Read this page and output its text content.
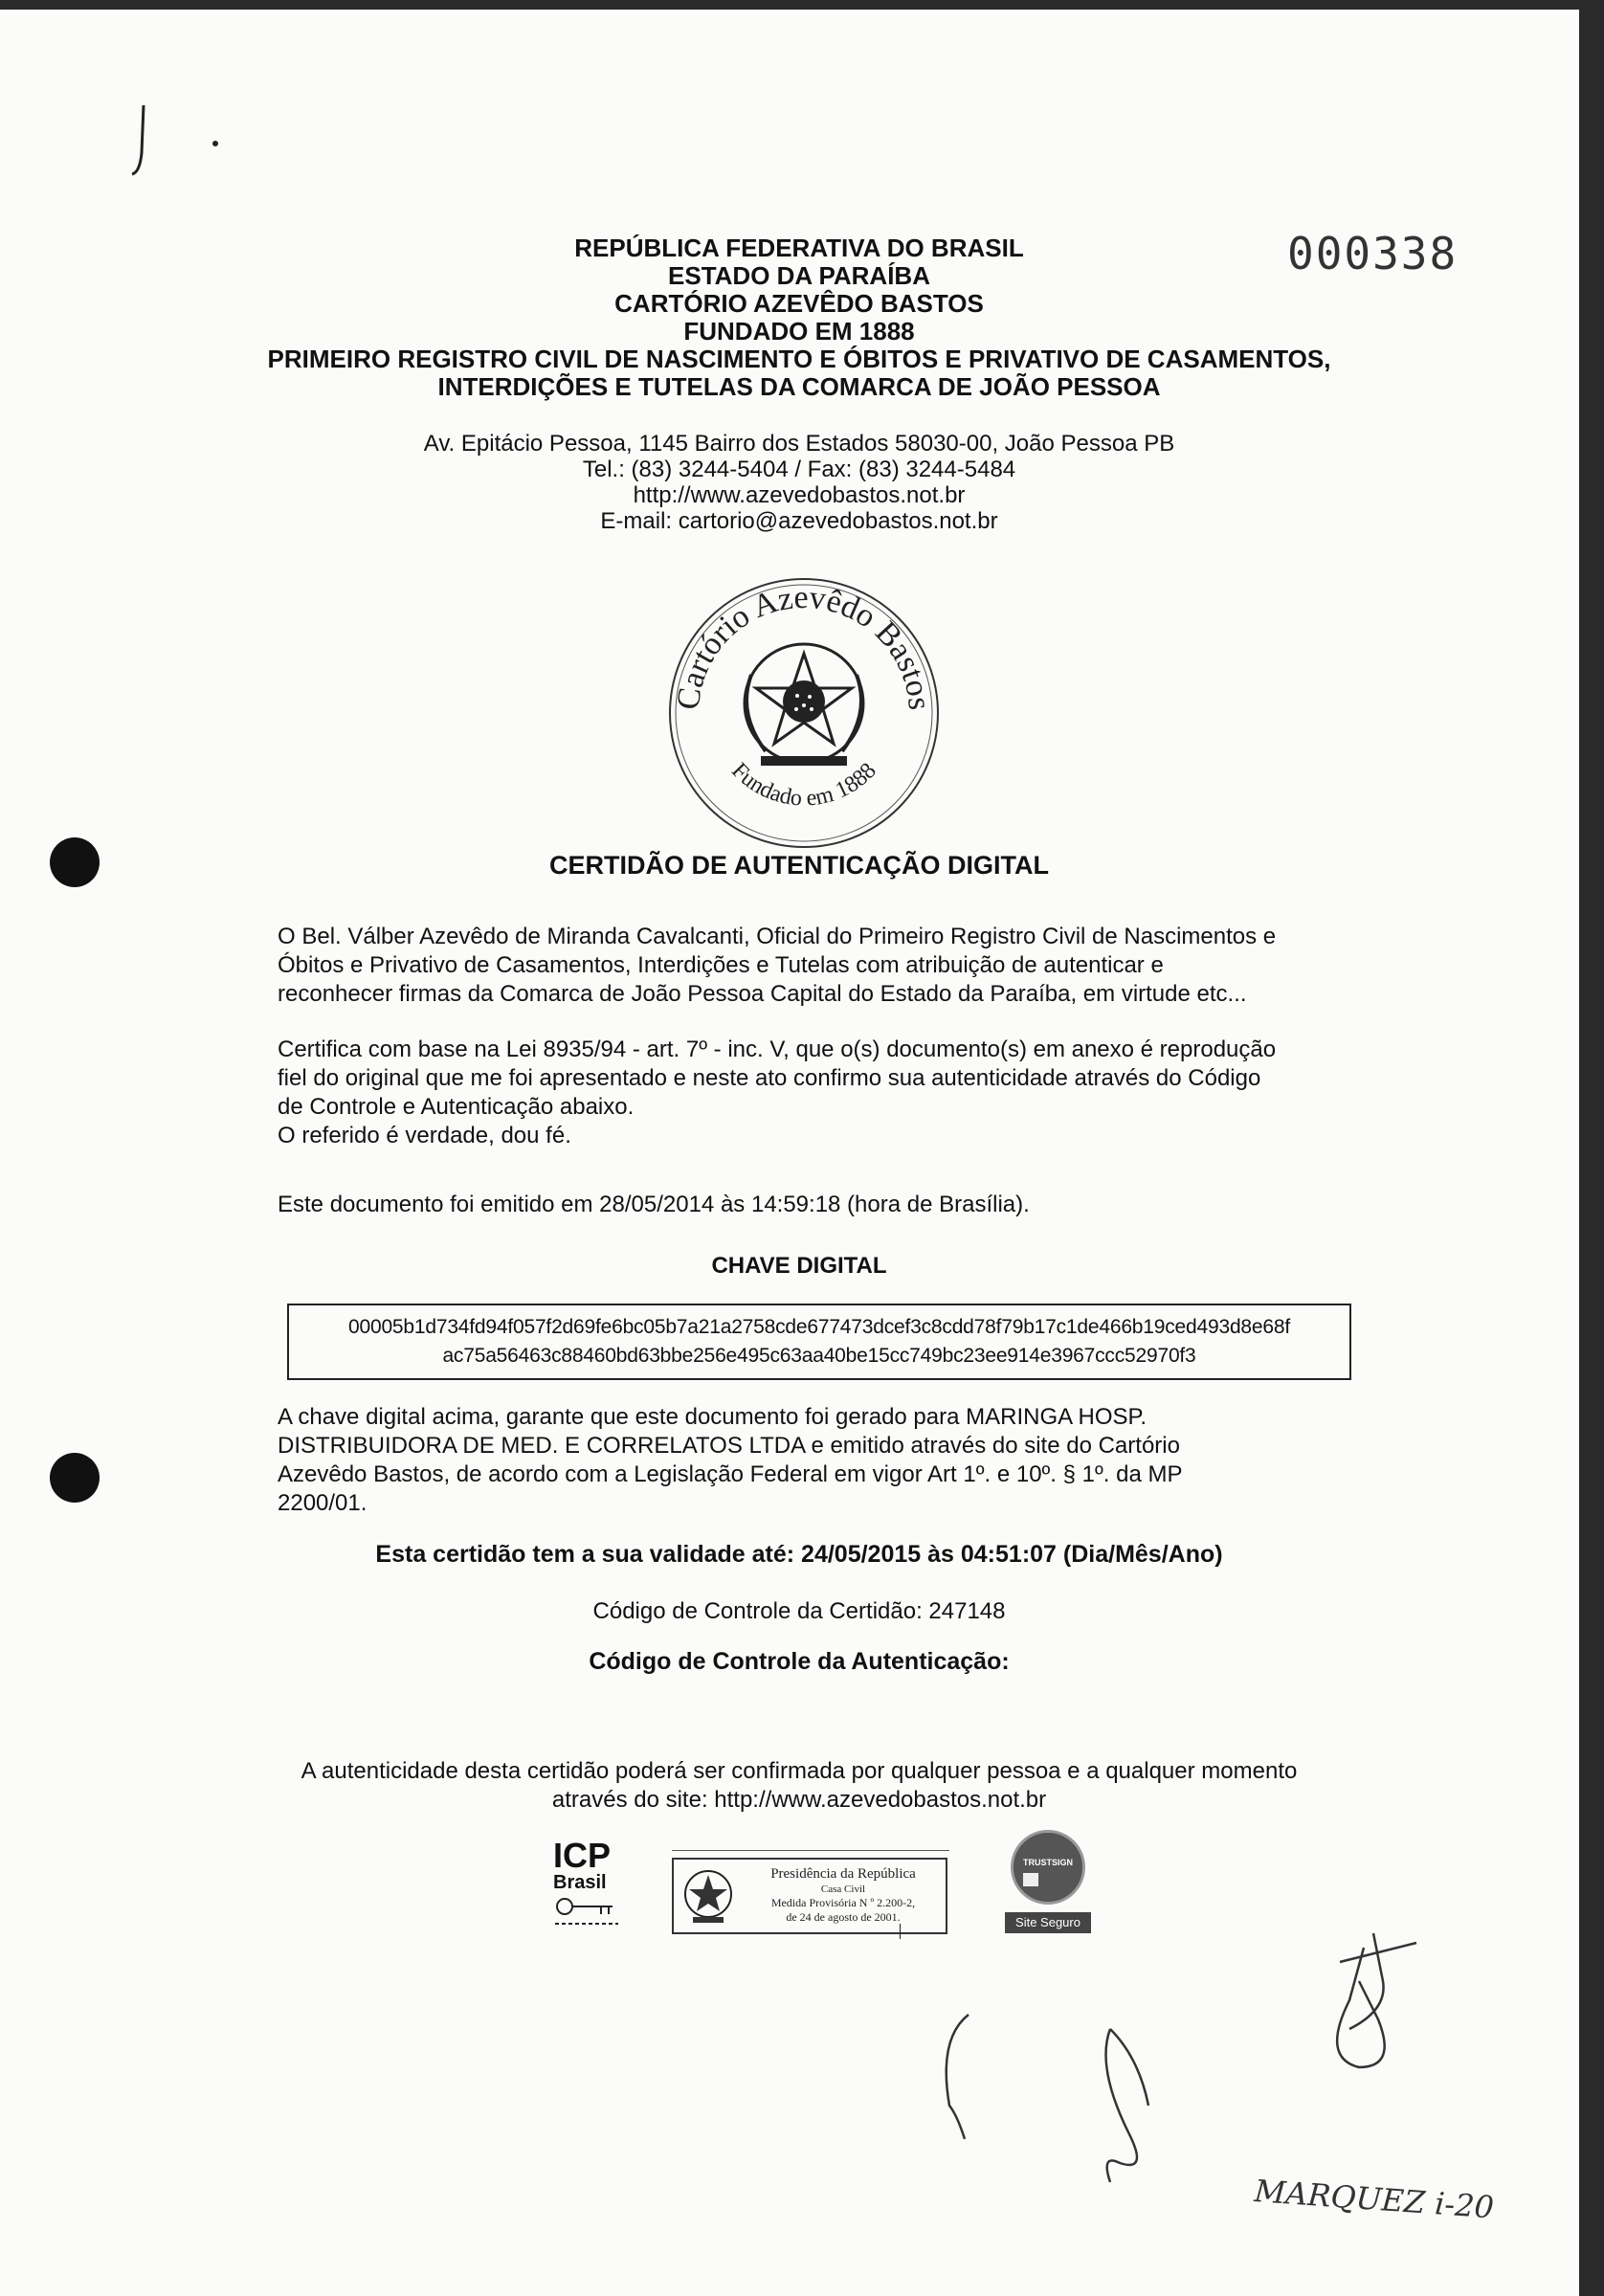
000338
REPÚBLICA FEDERATIVA DO BRASIL
ESTADO DA PARAÍBA
CARTÓRIO AZEVÊDO BASTOS
FUNDADO EM 1888
PRIMEIRO REGISTRO CIVIL DE NASCIMENTO E ÓBITOS E PRIVATIVO DE CASAMENTOS,
INTERDIÇÕES E TUTELAS DA COMARCA DE JOÃO PESSOA
Av. Epitácio Pessoa, 1145 Bairro dos Estados 58030-00, João Pessoa PB
Tel.: (83) 3244-5404 / Fax: (83) 3244-5484
http://www.azevedobastos.not.br
E-mail: cartorio@azevedobastos.not.br
Cartório Azevêdo Bastos
Fundado em 1888
CERTIDÃO DE AUTENTICAÇÃO DIGITAL
O Bel. Válber Azevêdo de Miranda Cavalcanti, Oficial do Primeiro Registro Civil de Nascimentos e
Óbitos e Privativo de Casamentos, Interdições e Tutelas com atribuição de autenticar e
reconhecer firmas da Comarca de João Pessoa Capital do Estado da Paraíba, em virtude etc...
Certifica com base na Lei 8935/94 - art. 7º - inc. V, que o(s) documento(s) em anexo é reprodução
fiel do original que me foi apresentado e neste ato confirmo sua autenticidade através do Código
de Controle e Autenticação abaixo.
O referido é verdade, dou fé.
Este documento foi emitido em 28/05/2014 às 14:59:18 (hora de Brasília).
CHAVE DIGITAL
00005b1d734fd94f057f2d69fe6bc05b7a21a2758cde677473dcef3c8cdd78f79b17c1de466b19ced493d8e68f
ac75a56463c88460bd63bbe256e495c63aa40be15cc749bc23ee914e3967ccc52970f3
A chave digital acima, garante que este documento foi gerado para MARINGA HOSP.
DISTRIBUIDORA DE MED. E CORRELATOS LTDA e emitido através do site do Cartório
Azevêdo Bastos, de acordo com a Legislação Federal em vigor Art 1º. e 10º. § 1º. da MP
2200/01.
Esta certidão tem a sua validade até: 24/05/2015 às 04:51:07 (Dia/Mês/Ano)
Código de Controle da Certidão: 247148
Código de Controle da Autenticação:
A autenticidade desta certidão poderá ser confirmada por qualquer pessoa e a qualquer momento
através do site: http://www.azevedobastos.not.br
ICP
Brasil	Presidência da República
Casa Civil
Medida Provisória N º 2.200-2,
de 24 de agosto de 2001.
TRUSTSIGN
Site Seguro
MARQUEZ i-20
